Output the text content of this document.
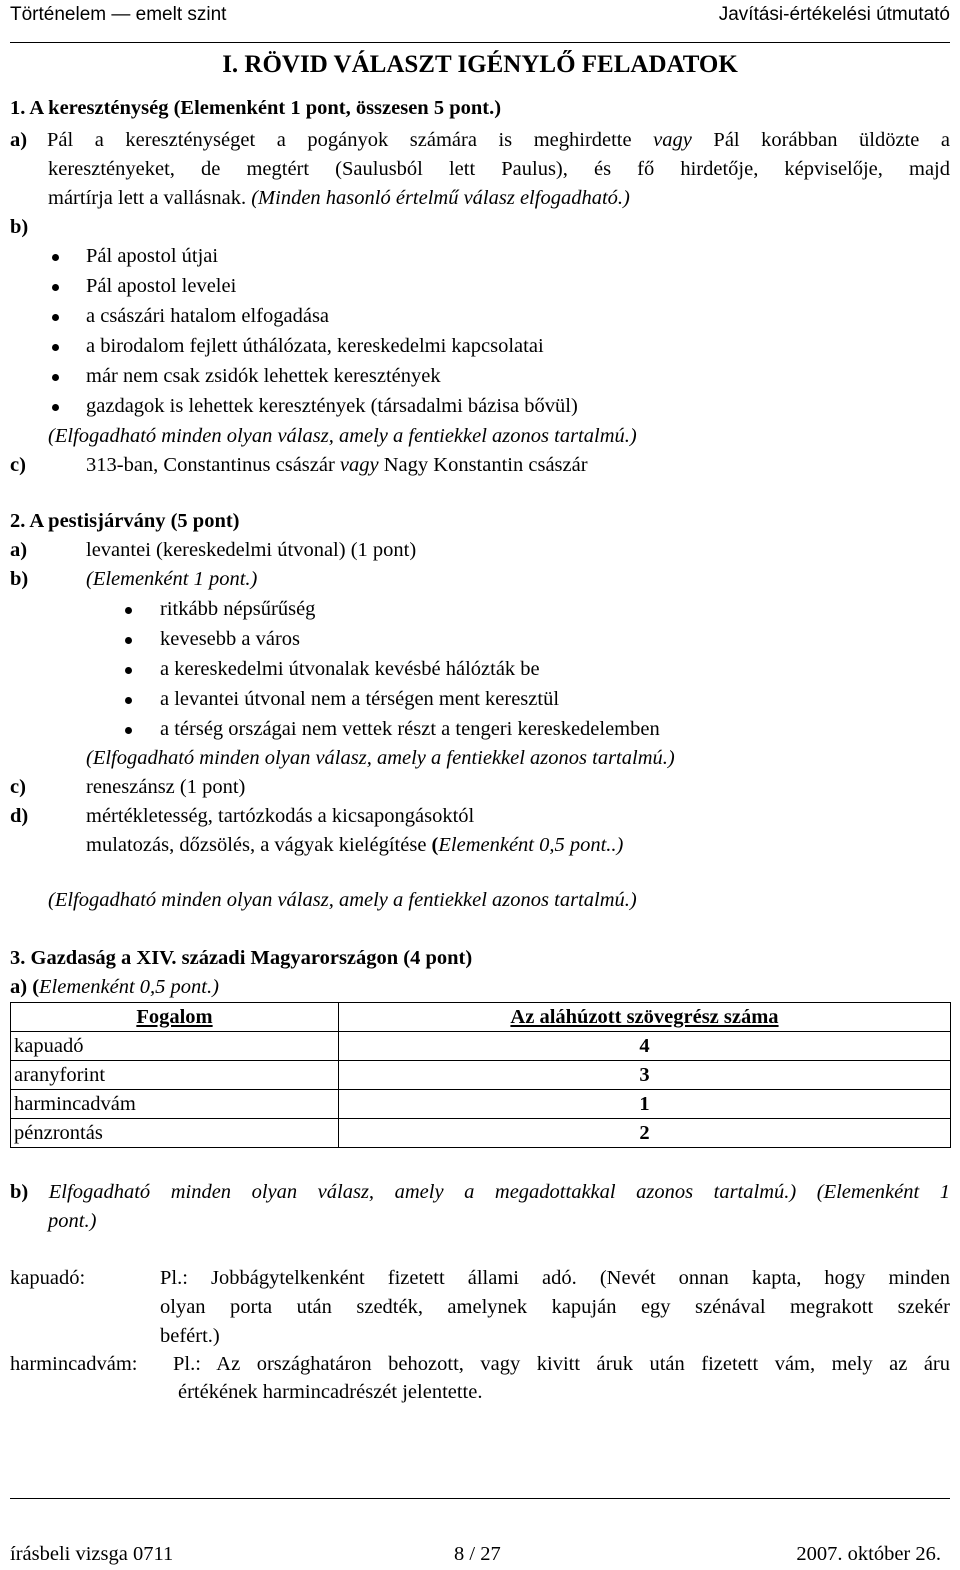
Történelem — emelt szint	Javítási-értékelési útmutató
I. RÖVID VÁLASZT IGÉNYLŐ FELADATOK
1. A kereszténység (Elemenként 1 pont, összesen 5 pont.)
a) Pál a kereszténységet a pogányok számára is meghirdette vagy Pál korábban üldözte a
keresztényeket, de megtért (Saulusból lett Paulus), és fő hirdetője, képviselője, majd
mártírja lett a vallásnak. (Minden hasonló értelmű válasz elfogadható.)
b)
Pál apostol útjai
Pál apostol levelei
a császári hatalom elfogadása
a birodalom fejlett úthálózata, kereskedelmi kapcsolatai
már nem csak zsidók lehettek keresztények
gazdagok is lehettek keresztények (társadalmi bázisa bővül)
(Elfogadható minden olyan válasz, amely a fentiekkel azonos tartalmú.)
c)	313-ban, Constantinus császár vagy Nagy Konstantin császár
2. A pestisjárvány (5 pont)
a)	levantei (kereskedelmi útvonal) (1 pont)
b)	(Elemenként 1 pont.)
ritkább népsűrűség
kevesebb a város
a kereskedelmi útvonalak kevésbé hálózták be
a levantei útvonal nem a térségen ment keresztül
a térség országai nem vettek részt a tengeri kereskedelemben
(Elfogadható minden olyan válasz, amely a fentiekkel azonos tartalmú.)
c)	reneszánsz (1 pont)
d)	mértékletesség, tartózkodás a kicsapongásoktól
mulatozás, dőzsölés, a vágyak kielégítése (Elemenként 0,5 pont..)
(Elfogadható minden olyan válasz, amely a fentiekkel azonos tartalmú.)
3. Gazdaság a XIV. századi Magyarországon (4 pont)
a) (Elemenként 0,5 pont.)
Fogalom	Az aláhúzott szövegrész száma
kapuadó	4
aranyforint	3
harmincadvám	1
pénzrontás	2
b) Elfogadható minden olyan válasz, amely a megadottakkal azonos tartalmú.) (Elemenként 1
pont.)
kapuadó:	Pl.: Jobbágytelkenként fizetett állami adó. (Nevét onnan kapta, hogy minden
olyan porta után szedték, amelynek kapuján egy szénával megrakott szekér
befért.)
harmincadvám: Pl.: Az országhatáron behozott, vagy kivitt áruk után fizetett vám, mely az áru
értékének harmincadrészét jelentette.
írásbeli vizsga 0711	8 / 27	2007. október 26.
